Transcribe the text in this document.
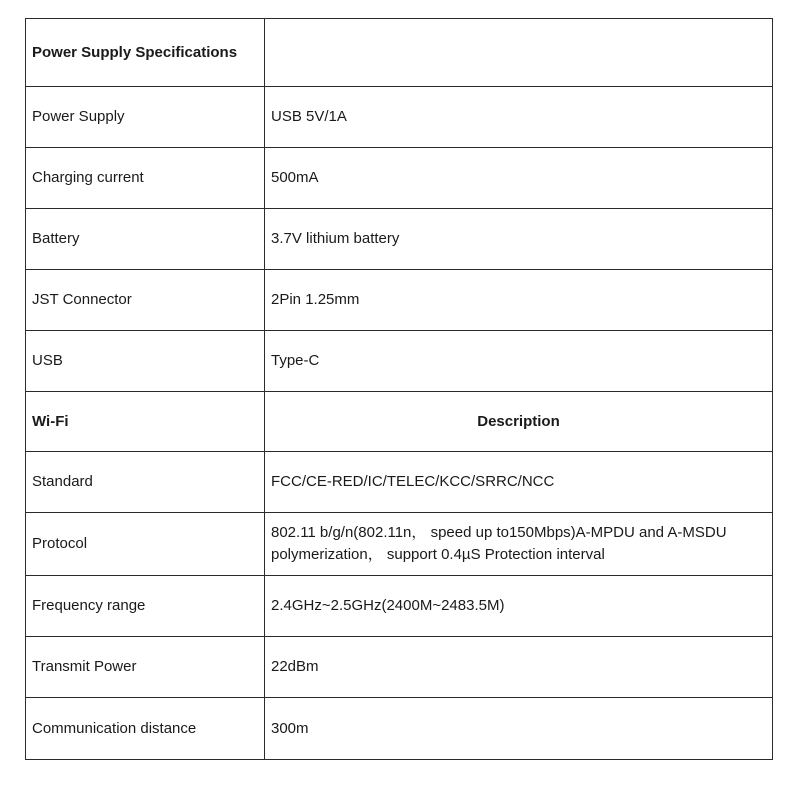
Power Supply Specifications	
Power Supply	USB 5V/1A
Charging current	500mA
Battery	3.7V lithium battery
JST Connector	2Pin 1.25mm
USB	Type-C
Wi-Fi	Description
Standard	FCC/CE-RED/IC/TELEC/KCC/SRRC/NCC
Protocol	802.11 b/g/n(802.11n， speed up to150Mbps)A-MPDU and A-MSDU polymerization， support 0.4µS Protection interval
Frequency range	2.4GHz~2.5GHz(2400M~2483.5M)
Transmit Power	22dBm
Communication distance	300m
